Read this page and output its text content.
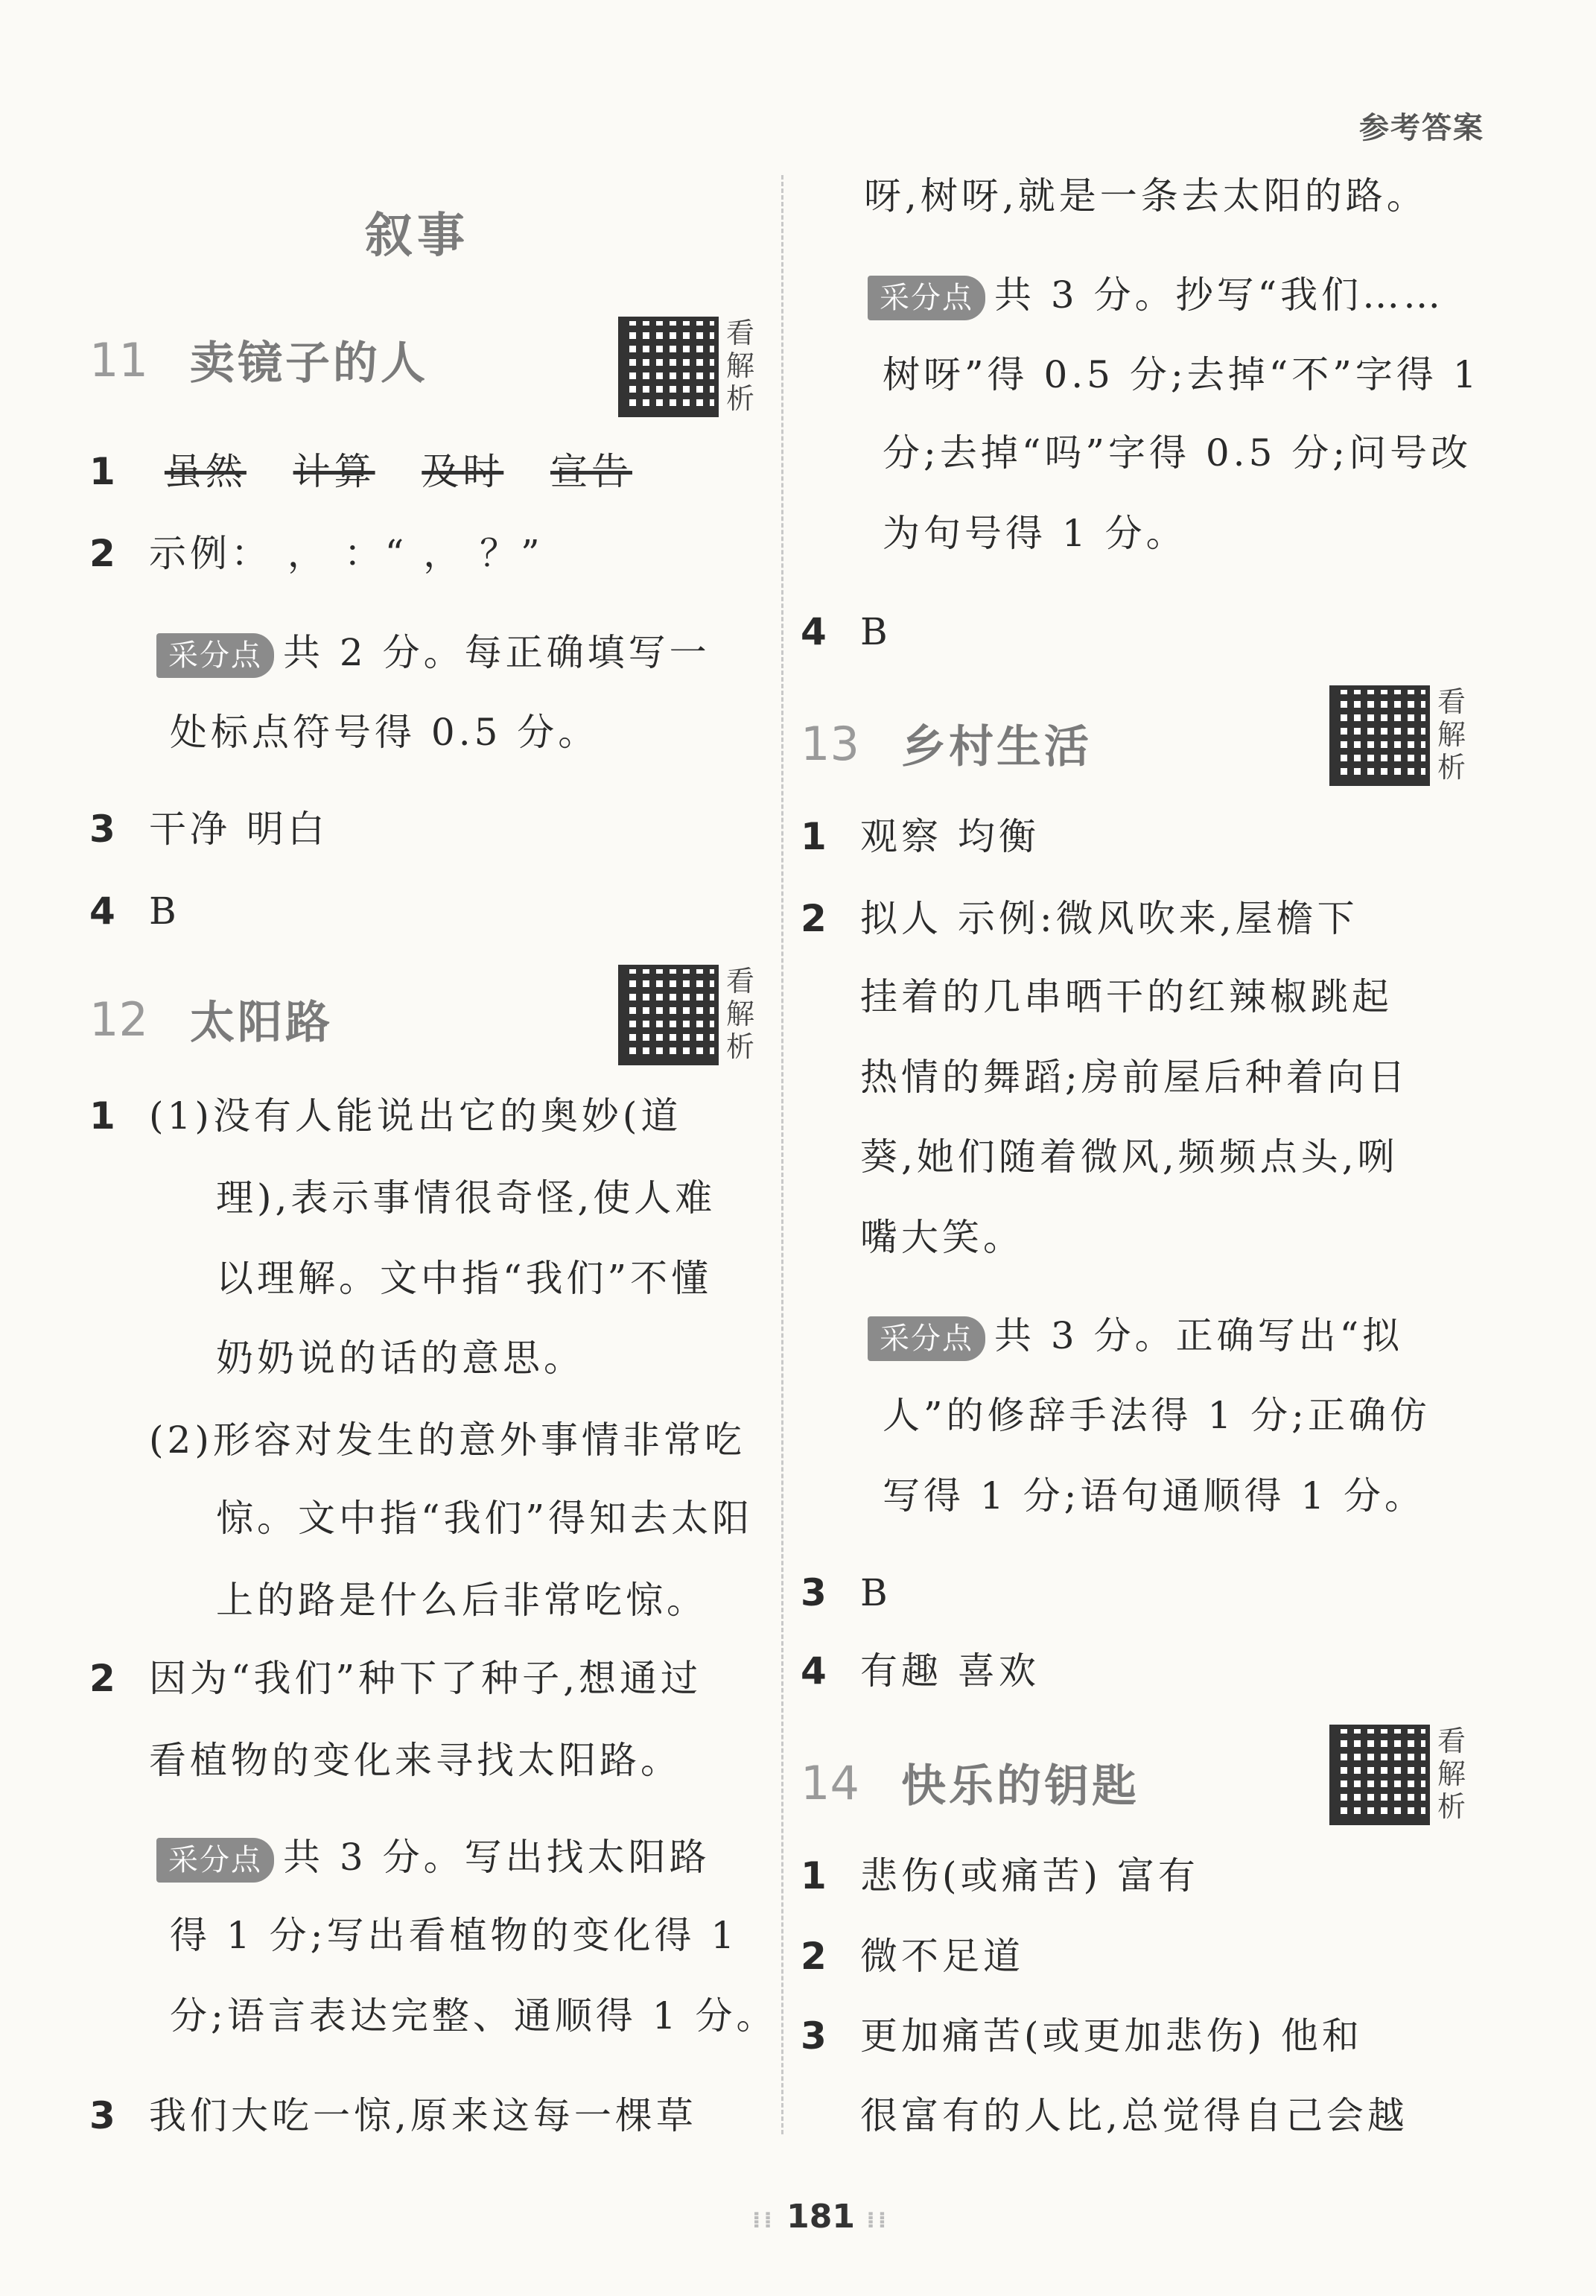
参考答案
叙事
11 卖镜子的人
看解析
1 虽然 计算 及时 宣告
2 示例： ， ：“ ， ？”
采分点 共 2 分。每正确填写一
处标点符号得 0.5 分。
3 干净 明白
4 B
12 太阳路
看解析
1 (1)没有人能说出它的奥妙(道
理),表示事情很奇怪,使人难
以理解。文中指“我们”不懂
奶奶说的话的意思。
(2)形容对发生的意外事情非常吃
惊。文中指“我们”得知去太阳
上的路是什么后非常吃惊。
2 因为“我们”种下了种子,想通过
看植物的变化来寻找太阳路。
采分点 共 3 分。写出找太阳路
得 1 分;写出看植物的变化得 1
分;语言表达完整、通顺得 1 分。
3 我们大吃一惊,原来这每一棵草
呀,树呀,就是一条去太阳的路。
采分点 共 3 分。抄写“我们……
树呀”得 0.5 分;去掉“不”字得 1
分;去掉“吗”字得 0.5 分;问号改
为句号得 1 分。
4 B
13 乡村生活
看解析
1 观察 均衡
2 拟人 示例:微风吹来,屋檐下
挂着的几串晒干的红辣椒跳起
热情的舞蹈;房前屋后种着向日
葵,她们随着微风,频频点头,咧
嘴大笑。
采分点 共 3 分。正确写出“拟
人”的修辞手法得 1 分;正确仿
写得 1 分;语句通顺得 1 分。
3 B
4 有趣 喜欢
14 快乐的钥匙
看解析
1 悲伤(或痛苦) 富有
2 微不足道
3 更加痛苦(或更加悲伤) 他和
很富有的人比,总觉得自己会越
⁞⁞ 181 ⁞⁞
